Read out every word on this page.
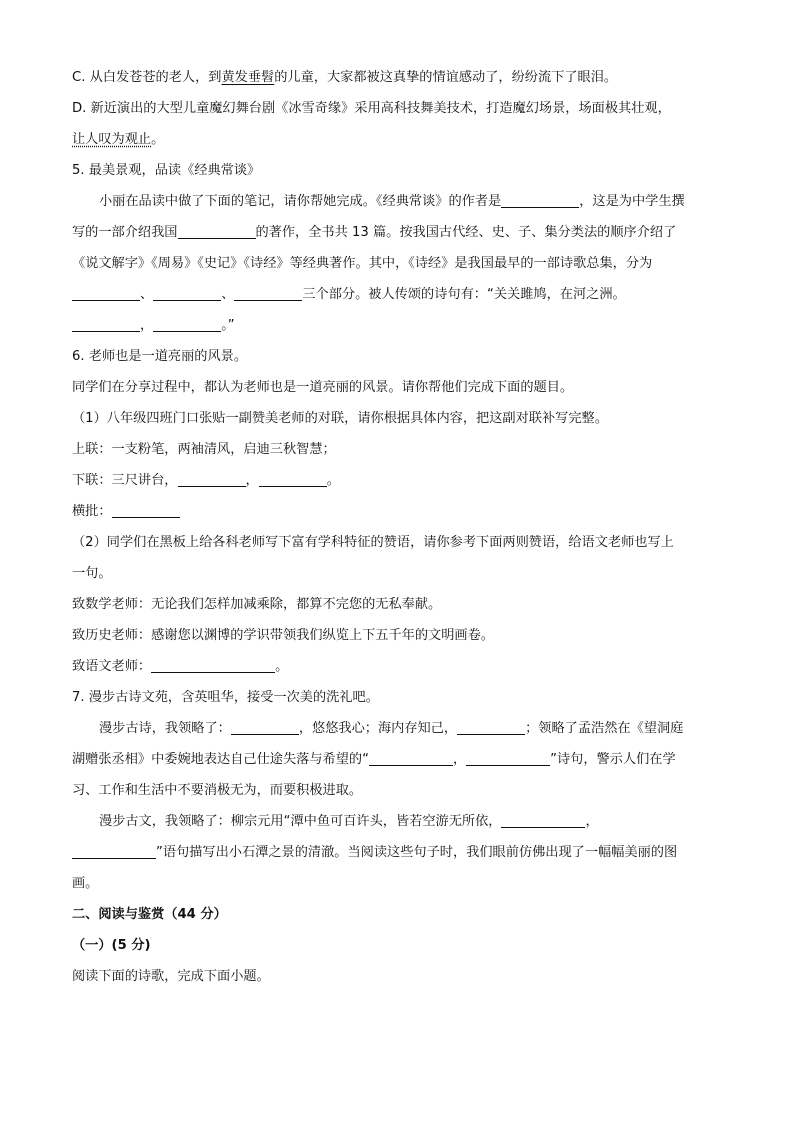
C. 从白发苍苍的老人，到黄发垂髫的儿童，大家都被这真挚的情谊感动了，纷纷流下了眼泪。
D. 新近演出的大型儿童魔幻舞台剧《冰雪奇缘》采用高科技舞美技术，打造魔幻场景，场面极其壮观，
让人叹为观止。
5. 最美景观，品读《经典常谈》
小丽在品读中做了下面的笔记，请你帮她完成。《经典常谈》的作者是	，这是为中学生撰
写的一部介绍我国	的著作，全书共 13 篇。按我国古代经、史、子、集分类法的顺序介绍了
《说文解字》《周易》《史记》《诗经》等经典著作。其中，《诗经》是我国最早的一部诗歌总集，分为
、	、	三个部分。被人传颂的诗句有：“关关雎鸠，在河之洲。
，	。”
6. 老师也是一道亮丽的风景。
同学们在分享过程中，都认为老师也是一道亮丽的风景。请你帮他们完成下面的题目。
（1）八年级四班门口张贴一副赞美老师的对联，请你根据具体内容，把这副对联补写完整。
上联：一支粉笔，两袖清风，启迪三秋智慧；
下联：三尺讲台，	，	。
横批：
（2）同学们在黑板上给各科老师写下富有学科特征的赞语，请你参考下面两则赞语，给语文老师也写上
一句。
致数学老师：无论我们怎样加减乘除，都算不完您的无私奉献。
致历史老师：感谢您以渊博的学识带领我们纵览上下五千年的文明画卷。
致语文老师：	。
7. 漫步古诗文苑，含英咀华，接受一次美的洗礼吧。
漫步古诗，我领略了：	，悠悠我心；海内存知己，	；领略了孟浩然在《望洞庭
湖赠张丞相》中委婉地表达自己仕途失落与希望的“	，	”诗句，警示人们在学
习、工作和生活中不要消极无为，而要积极进取。
漫步古文，我领略了：柳宗元用“潭中鱼可百许头，皆若空游无所依，	，
”语句描写出小石潭之景的清澈。当阅读这些句子时，我们眼前仿佛出现了一幅幅美丽的图
画。
二、阅读与鉴赏（44 分）
（一）(5 分)
阅读下面的诗歌，完成下面小题。
